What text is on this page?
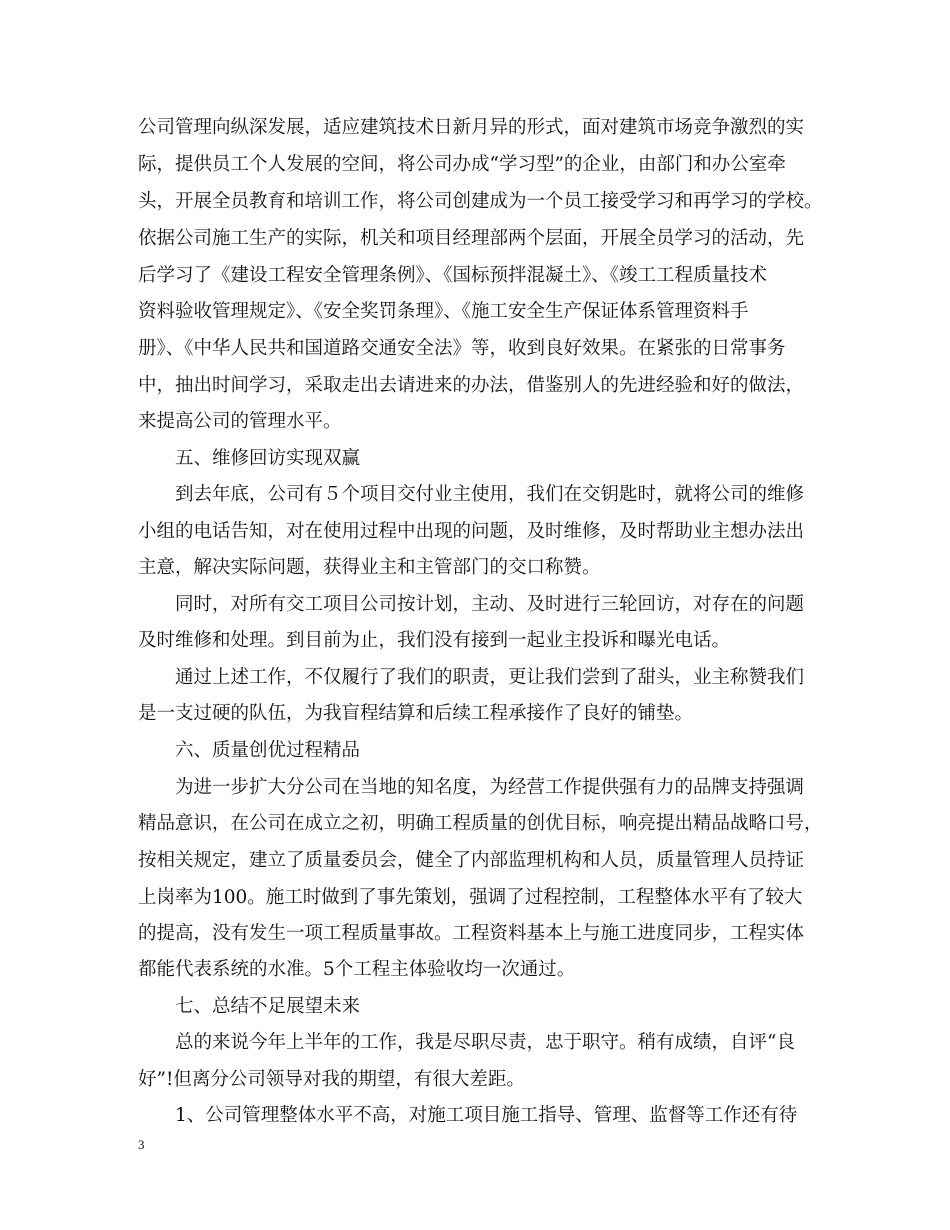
公司管理向纵深发展，适应建筑技术日新月异的形式，面对建筑市场竞争激烈的实
际，提供员工个人发展的空间，将公司办成“学习型”的企业，由部门和办公室牵
头，开展全员教育和培训工作，将公司创建成为一个员工接受学习和再学习的学校。
依据公司施工生产的实际，机关和项目经理部两个层面，开展全员学习的活动，先
后学习了《建设工程安全管理条例》、《国标预拌混凝土》、《竣工工程质量技术
资料验收管理规定》、《安全奖罚条理》、《施工安全生产保证体系管理资料手
册》、《中华人民共和国道路交通安全法》等，收到良好效果。在紧张的日常事务
中，抽出时间学习，采取走出去请进来的办法，借鉴别人的先进经验和好的做法，
来提高公司的管理水平。
五、维修回访实现双赢
到去年底，公司有５个项目交付业主使用，我们在交钥匙时，就将公司的维修
小组的电话告知，对在使用过程中出现的问题，及时维修，及时帮助业主想办法出
主意，解决实际问题，获得业主和主管部门的交口称赞。
同时，对所有交工项目公司按计划，主动、及时进行三轮回访，对存在的问题
及时维修和处理。到目前为止，我们没有接到一起业主投诉和曝光电话。
通过上述工作，不仅履行了我们的职责，更让我们尝到了甜头，业主称赞我们
是一支过硬的队伍，为我盲程结算和后续工程承接作了良好的铺垫。
六、质量创优过程精品
为进一步扩大分公司在当地的知名度，为经营工作提供强有力的品牌支持强调
精品意识，在公司在成立之初，明确工程质量的创优目标，响亮提出精品战略口号，
按相关规定，建立了质量委员会，健全了内部监理机构和人员，质量管理人员持证
上岗率为100。施工时做到了事先策划，强调了过程控制，工程整体水平有了较大
的提高，没有发生一项工程质量事故。工程资料基本上与施工进度同步，工程实体
都能代表系统的水准。5个工程主体验收均一次通过。
七、总结不足展望未来
总的来说今年上半年的工作，我是尽职尽责，忠于职守。稍有成绩，自评“良
好”!但离分公司领导对我的期望，有很大差距。
1、公司管理整体水平不高，对施工项目施工指导、管理、监督等工作还有待
3
